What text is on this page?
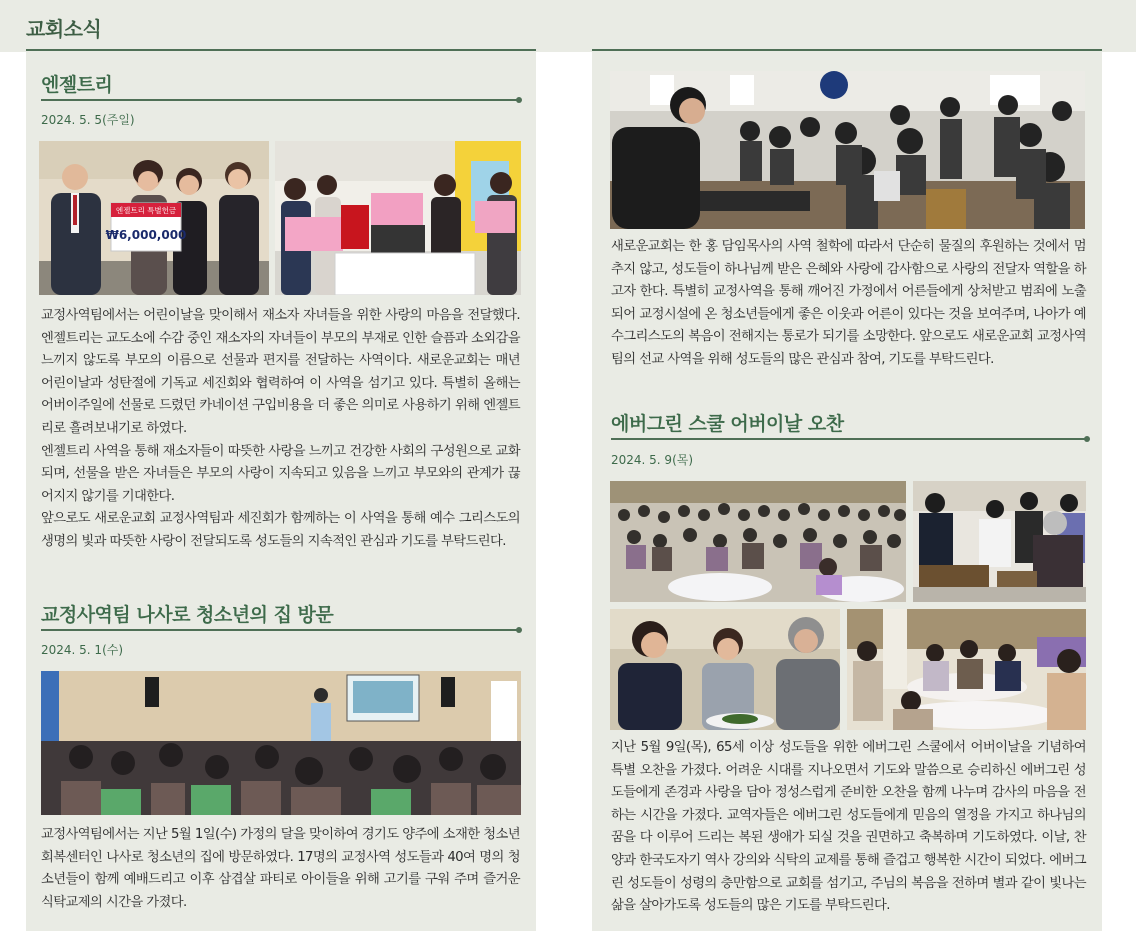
교회소식
엔젤트리

2024. 5. 5(주일)

엔젤트리 특별헌금
₩6,000,000

교정사역팀에서는 어린이날을 맞이해서 재소자 자녀들을 위한 사랑의 마음을 전달했다. 엔젤트리는 교도소에 수감 중인 재소자의 자녀들이 부모의 부재로 인한 슬픔과 소외감을 느끼지 않도록 부모의 이름으로 선물과 편지를 전달하는 사역이다. 새로운교회는 매년 어린이날과 성탄절에 기독교 세진회와 협력하여 이 사역을 섬기고 있다. 특별히 올해는 어버이주일에 선물로 드렸던 카네이션 구입비용을 더 좋은 의미로 사용하기 위해 엔젤트리로 흘려보내기로 하였다.
엔젤트리 사역을 통해 재소자들이 따뜻한 사랑을 느끼고 건강한 사회의 구성원으로 교화되며, 선물을 받은 자녀들은 부모의 사랑이 지속되고 있음을 느끼고 부모와의 관계가 끊어지지 않기를 기대한다.
앞으로도 새로운교회 교정사역팀과 세진회가 함께하는 이 사역을 통해 예수 그리스도의 생명의 빛과 따뜻한 사랑이 전달되도록 성도들의 지속적인 관심과 기도를 부탁드린다.

교정사역팀 나사로 청소년의 집 방문

2024. 5. 1(수)

교정사역팀에서는 지난 5월 1일(수) 가정의 달을 맞이하여 경기도 양주에 소재한 청소년 회복센터인 나사로 청소년의 집에 방문하였다. 17명의 교정사역 성도들과 40여 명의 청소년들이 함께 예배드리고 이후 삼겹살 파티로 아이들을 위해 고기를 구워 주며 즐거운 식탁교제의 시간을 가졌다.

새로운교회는 한 홍 담임목사의 사역 철학에 따라서 단순히 물질의 후원하는 것에서 멈추지 않고, 성도들이 하나님께 받은 은혜와 사랑에 감사함으로 사랑의 전달자 역할을 하고자 한다. 특별히 교정사역을 통해 깨어진 가정에서 어른들에게 상처받고 범죄에 노출되어 교정시설에 온 청소년들에게 좋은 이웃과 어른이 있다는 것을 보여주며, 나아가 예수그리스도의 복음이 전해지는 통로가 되기를 소망한다. 앞으로도 새로운교회 교정사역팀의 선교 사역을 위해 성도들의 많은 관심과 참여, 기도를 부탁드린다.

에버그린 스쿨 어버이날 오찬

2024. 5. 9(목)

지난 5월 9일(목), 65세 이상 성도들을 위한 에버그린 스쿨에서 어버이날을 기념하여 특별 오찬을 가졌다. 어려운 시대를 지나오면서 기도와 말씀으로 승리하신 에버그린 성도들에게 존경과 사랑을 담아 정성스럽게 준비한 오찬을 함께 나누며 감사의 마음을 전하는 시간을 가졌다. 교역자들은 에버그린 성도들에게 믿음의 열정을 가지고 하나님의 꿈을 다 이루어 드리는 복된 생애가 되실 것을 권면하고 축복하며 기도하였다. 이날, 찬양과 한국도자기 역사 강의와 식탁의 교제를 통해 즐겁고 행복한 시간이 되었다. 에버그린 성도들이 성령의 충만함으로 교회를 섬기고, 주님의 복음을 전하며 별과 같이 빛나는 삶을 살아가도록 성도들의 많은 기도를 부탁드린다.
